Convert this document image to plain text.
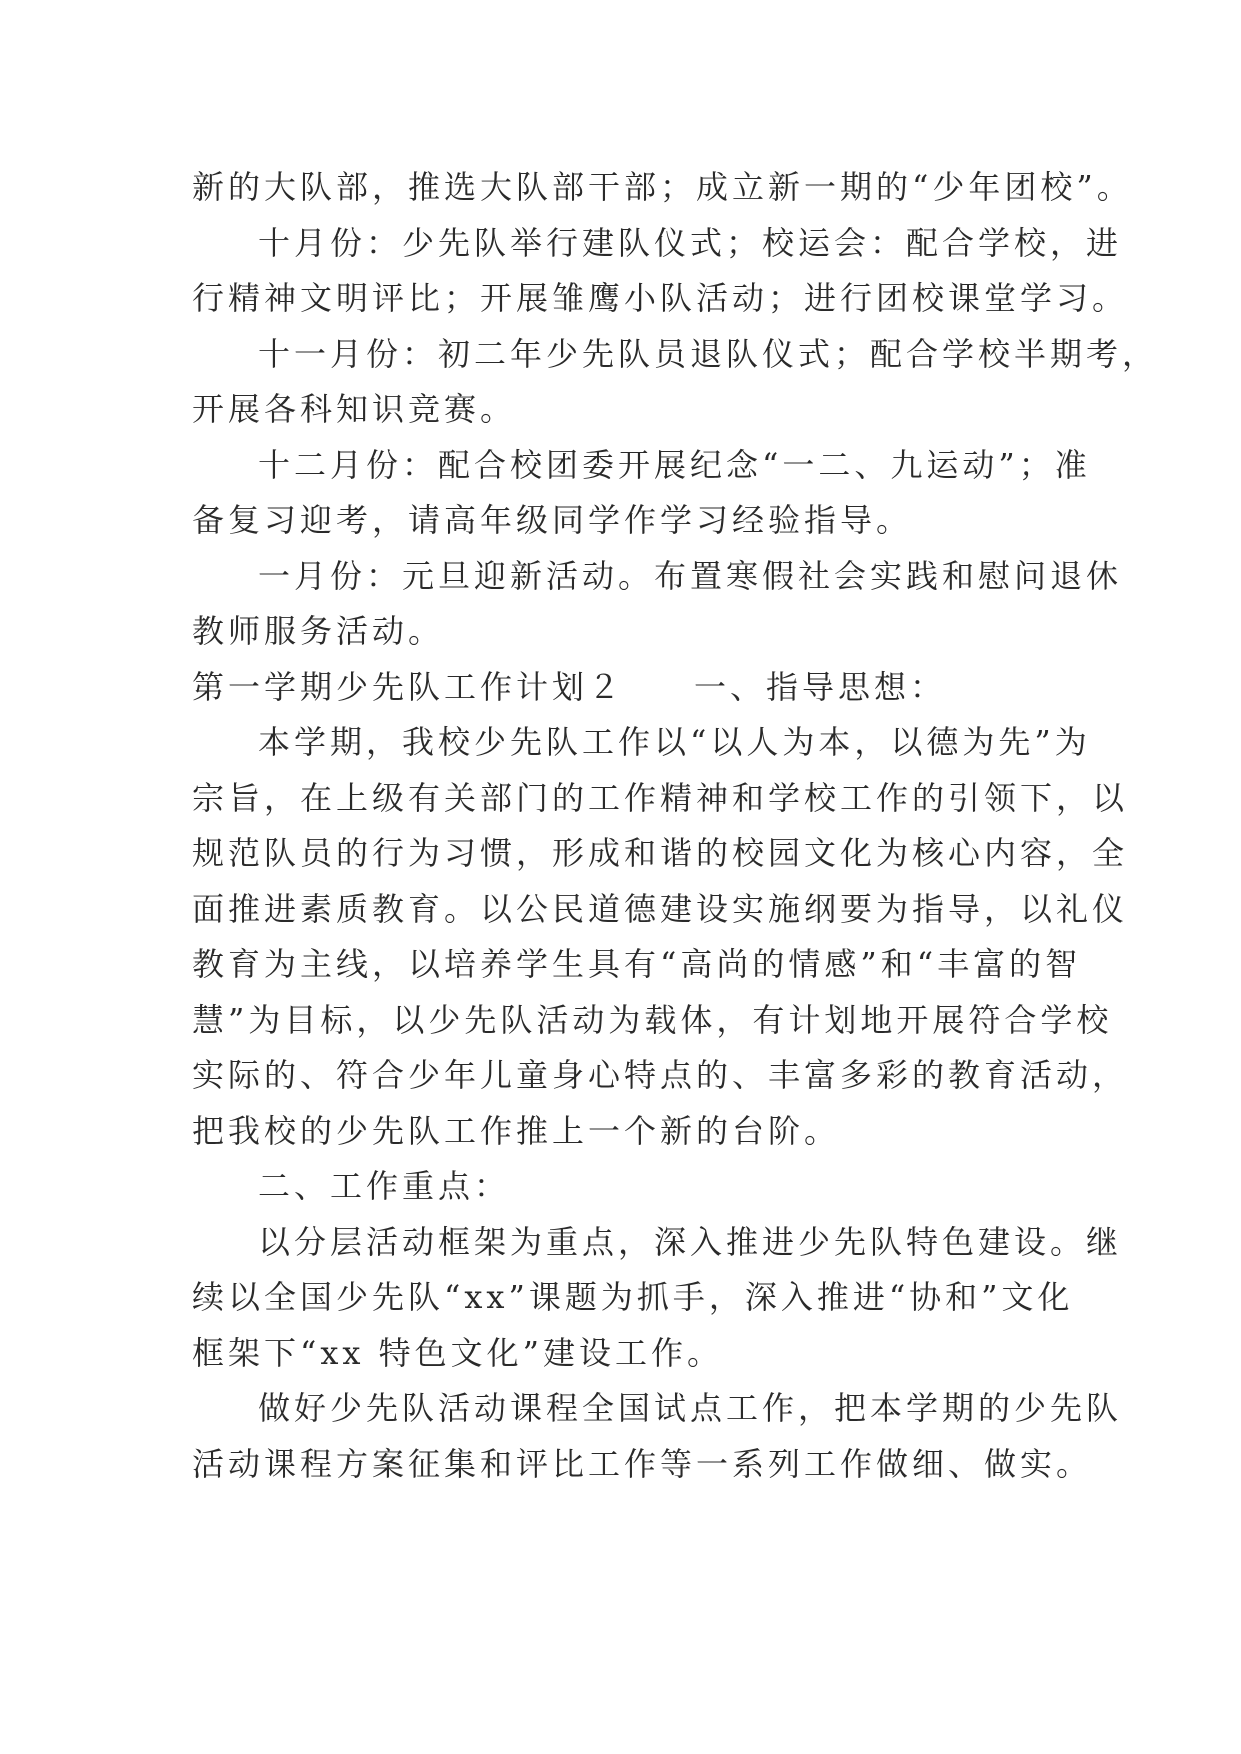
新的大队部，推选大队部干部；成立新一期的“少年团校”。
十月份：少先队举行建队仪式；校运会：配合学校，进
行精神文明评比；开展雏鹰小队活动；进行团校课堂学习。
十一月份：初二年少先队员退队仪式；配合学校半期考，
开展各科知识竞赛。
十二月份：配合校团委开展纪念“一二、九运动”；准
备复习迎考，请高年级同学作学习经验指导。
一月份：元旦迎新活动。布置寒假社会实践和慰问退休
教师服务活动。
第一学期少先队工作计划２ 一、指导思想：
本学期，我校少先队工作以“以人为本，以德为先”为
宗旨，在上级有关部门的工作精神和学校工作的引领下，以
规范队员的行为习惯，形成和谐的校园文化为核心内容，全
面推进素质教育。以公民道德建设实施纲要为指导，以礼仪
教育为主线，以培养学生具有“高尚的情感”和“丰富的智
慧”为目标，以少先队活动为载体，有计划地开展符合学校
实际的、符合少年儿童身心特点的、丰富多彩的教育活动，
把我校的少先队工作推上一个新的台阶。
二、工作重点：
以分层活动框架为重点，深入推进少先队特色建设。继
续以全国少先队“xx”课题为抓手，深入推进“协和”文化
框架下“xx 特色文化”建设工作。
做好少先队活动课程全国试点工作，把本学期的少先队
活动课程方案征集和评比工作等一系列工作做细、做实。
